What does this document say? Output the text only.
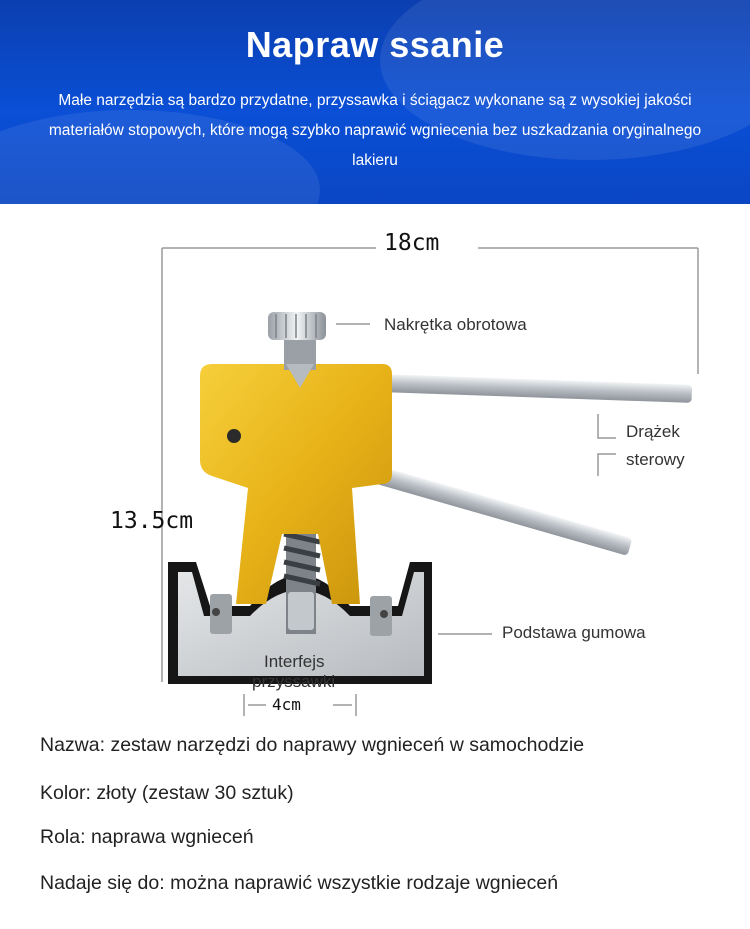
Napraw ssanie
Małe narzędzia są bardzo przydatne, przyssawka i ściągacz wykonane są z wysokiej jakości materiałów stopowych, które mogą szybko naprawić wgniecenia bez uszkadzania oryginalnego lakieru
18cm
13.5cm
Nakrętka obrotowa
Drążek
sterowy
Podstawa gumowa
Interfejs
przyssawki
4cm
Nazwa: zestaw narzędzi do naprawy wgnieceń w samochodzie
Kolor: złoty (zestaw 30 sztuk)
Rola: naprawa wgnieceń
Nadaje się do: można naprawić wszystkie rodzaje wgnieceń
